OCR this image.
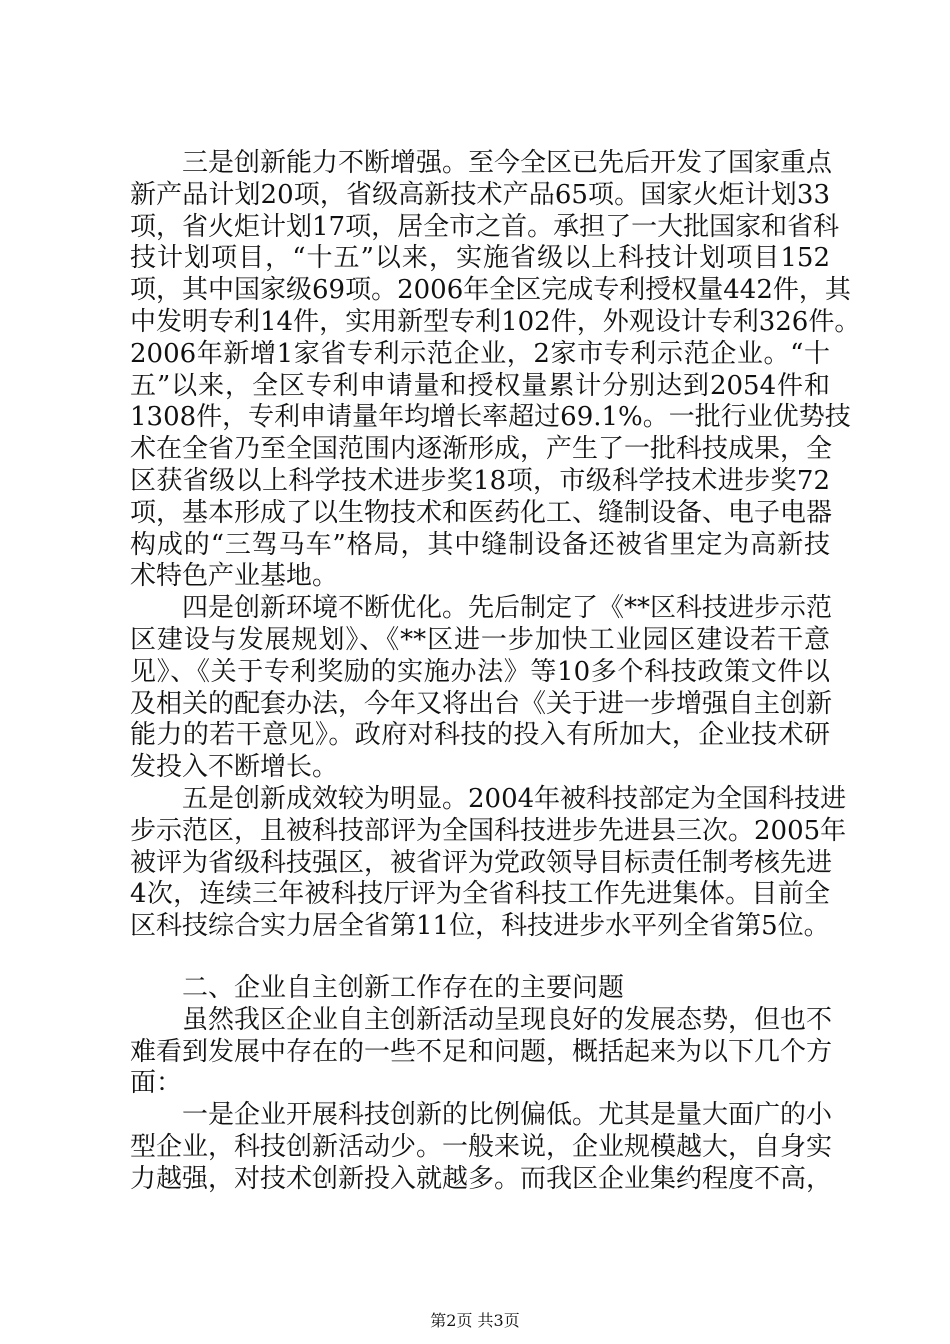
三是创新能力不断增强。至今全区已先后开发了国家重点
新产品计划20项，省级高新技术产品65项。国家火炬计划33
项，省火炬计划17项，居全市之首。承担了一大批国家和省科
技计划项目，“十五”以来，实施省级以上科技计划项目152
项，其中国家级69项。2006年全区完成专利授权量442件，其
中发明专利14件，实用新型专利102件，外观设计专利326件。
2006年新增1家省专利示范企业，2家市专利示范企业。“十
五”以来，全区专利申请量和授权量累计分别达到2054件和
1308件，专利申请量年均增长率超过69.1%。一批行业优势技
术在全省乃至全国范围内逐渐形成，产生了一批科技成果，全
区获省级以上科学技术进步奖18项，市级科学技术进步奖72
项，基本形成了以生物技术和医药化工、缝制设备、电子电器
构成的“三驾马车”格局，其中缝制设备还被省里定为高新技
术特色产业基地。
四是创新环境不断优化。先后制定了《**区科技进步示范
区建设与发展规划》、《**区进一步加快工业园区建设若干意
见》、《关于专利奖励的实施办法》等10多个科技政策文件以
及相关的配套办法，今年又将出台《关于进一步增强自主创新
能力的若干意见》。政府对科技的投入有所加大，企业技术研
发投入不断增长。
五是创新成效较为明显。2004年被科技部定为全国科技进
步示范区，且被科技部评为全国科技进步先进县三次。2005年
被评为省级科技强区，被省评为党政领导目标责任制考核先进
4次，连续三年被科技厅评为全省科技工作先进集体。目前全
区科技综合实力居全省第11位，科技进步水平列全省第5位。
二、企业自主创新工作存在的主要问题
虽然我区企业自主创新活动呈现良好的发展态势，但也不
难看到发展中存在的一些不足和问题，概括起来为以下几个方
面：
一是企业开展科技创新的比例偏低。尤其是量大面广的小
型企业，科技创新活动少。一般来说，企业规模越大，自身实
力越强，对技术创新投入就越多。而我区企业集约程度不高，
第2页 共3页
